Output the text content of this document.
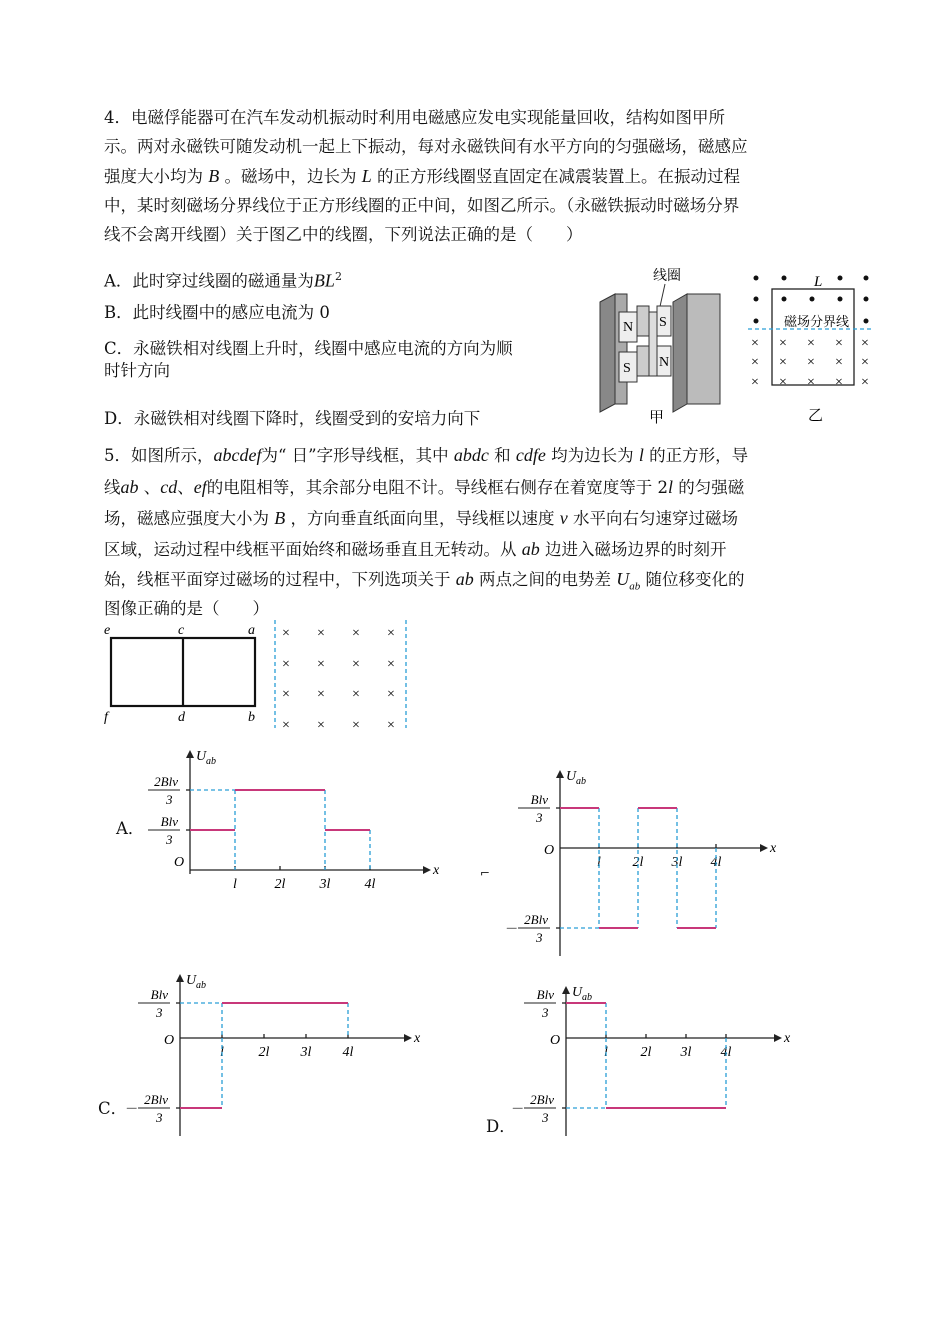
4．电磁俘能器可在汽车发动机振动时利用电磁感应发电实现能量回收，结构如图甲所
示。两对永磁铁可随发动机一起上下振动，每对永磁铁间有水平方向的匀强磁场，磁感应
强度大小均为 B 。磁场中，边长为 L 的正方形线圈竖直固定在减震装置上。在振动过程
中，某时刻磁场分界线位于正方形线圈的正中间，如图乙所示。（永磁铁振动时磁场分界
线不会离开线圈）关于图乙中的线圈，下列说法正确的是（　　）
A．此时穿过线圈的磁通量为$BL^2$
B．此时线圈中的感应电流为 0
C．永磁铁相对线圈上升时，线圈中感应电流的方向为顺
时针方向
D．永磁铁相对线圈下降时，线圈受到的安培力向下
N
S
S
N
线圈
甲
L
磁场分界线
× × × × ×
× × × × ×
× × × × ×
乙
5．如图所示，abcdef为“ 日”字形导线框，其中 abdc 和 cdfe 均为边长为 l 的正方形，导
线ab 、cd、ef的电阻相等，其余部分电阻不计。导线框右侧存在着宽度等于 2l 的匀强磁
场，磁感应强度大小为 B ，方向垂直纸面向里，导线框以速度 v 水平向右匀速穿过磁场
区域，运动过程中线框平面始终和磁场垂直且无转动。从 ab 边进入磁场边界的时刻开
始，线框平面穿过磁场的过程中，下列选项关于 ab 两点之间的电势差 $U_{ab}$ 随位移变化的
图像正确的是（　　）
e	c	a
f	d	b
× × × ×
× × × ×
× × × ×
× × × ×
A．
⌐
C．
D．
U ab
x
O
l	2l 3l 4l
Blv
3
2Blv
3
U ab
x
O
l 2l 3l 4l
Blv
3
－
2Blv
3
U ab
x
O
l 2l 3l 4l
－
2Blv
3
Blv
3
U ab
x
O
l 2l 3l 4l
Blv
3
－
2Blv
3
